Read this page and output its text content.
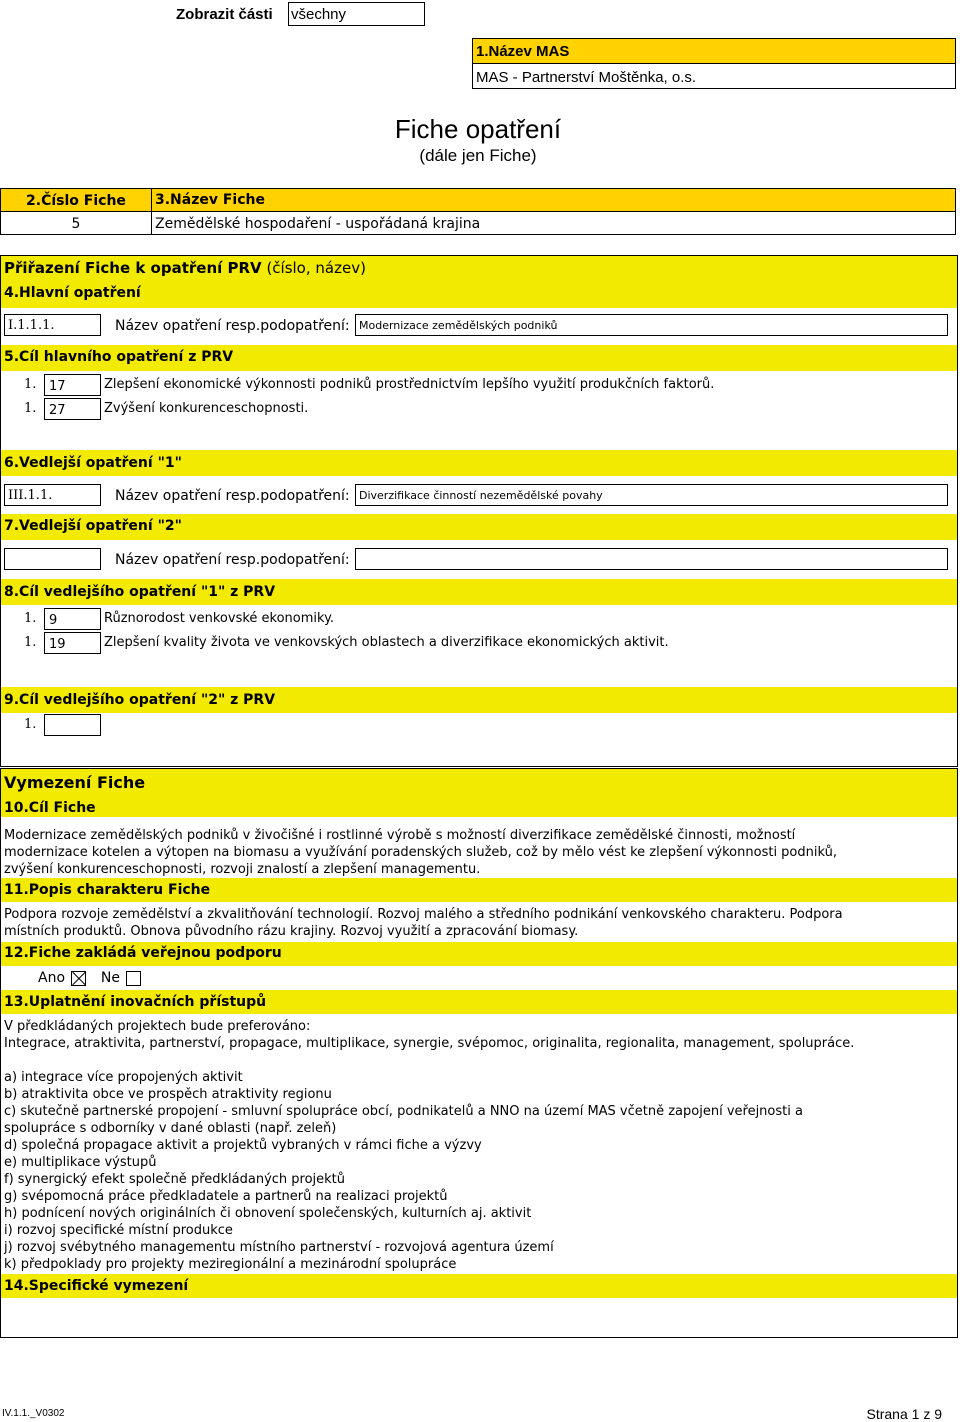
Zobrazit části všechny
1.Název MAS
MAS - Partnerství Moštěnka, o.s.
Fiche opatření
(dále jen Fiche)
2.Číslo Fiche	3.Název Fiche
5	Zemědělské hospodaření - uspořádaná krajina
Přiřazení Fiche k opatření PRV (číslo, název)
4.Hlavní opatření
I.1.1.1.	Název opatření resp.podopatření: Modernizace zemědělských podniků
5.Cíl hlavního opatření z PRV
1. 17	Zlepšení ekonomické výkonnosti podniků prostřednictvím lepšího využití produkčních faktorů.
1. 27	Zvýšení konkurenceschopnosti.
6.Vedlejší opatření "1"
III.1.1.	Název opatření resp.podopatření: Diverzifikace činností nezemědělské povahy
7.Vedlejší opatření "2"
Název opatření resp.podopatření:
8.Cíl vedlejšího opatření "1" z PRV
1. 9	Různorodost venkovské ekonomiky.
1. 19	Zlepšení kvality života ve venkovských oblastech a diverzifikace ekonomických aktivit.
9.Cíl vedlejšího opatření "2" z PRV
1.
Vymezení Fiche
10.Cíl Fiche
Modernizace zemědělských podniků v živočišné i rostlinné výrobě s možností diverzifikace zemědělské činnosti, možností
modernizace kotelen a výtopen na biomasu a využívání poradenských služeb, což by mělo vést ke zlepšení výkonnosti podniků,
zvýšení konkurenceschopnosti, rozvoji znalostí a zlepšení managementu.
11.Popis charakteru Fiche
Podpora rozvoje zemědělství a zkvalitňování technologií. Rozvoj malého a středního podnikání venkovského charakteru. Podpora
místních produktů. Obnova původního rázu krajiny. Rozvoj využití a zpracování biomasy.
12.Fiche zakládá veřejnou podporu
Ano	Ne
13.Uplatnění inovačních přístupů
V předkládaných projektech bude preferováno:
Integrace, atraktivita, partnerství, propagace, multiplikace, synergie, svépomoc, originalita, regionalita, management, spolupráce.
a) integrace více propojených aktivit
b) atraktivita obce ve prospěch atraktivity regionu
c) skutečně partnerské propojení - smluvní spolupráce obcí, podnikatelů a NNO na území MAS včetně zapojení veřejnosti a
spolupráce s odborníky v dané oblasti (např. zeleň)
d) společná propagace aktivit a projektů vybraných v rámci fiche a výzvy
e) multiplikace výstupů
f) synergický efekt společně předkládaných projektů
g) svépomocná práce předkladatele a partnerů na realizaci projektů
h) podnícení nových originálních či obnovení společenských, kulturních aj. aktivit
i) rozvoj specifické místní produkce
j) rozvoj svébytného managementu místního partnerství - rozvojová agentura území
k) předpoklady pro projekty meziregionální a mezinárodní spolupráce
14.Specifické vymezení
IV.1.1._V0302	Strana 1 z 9
